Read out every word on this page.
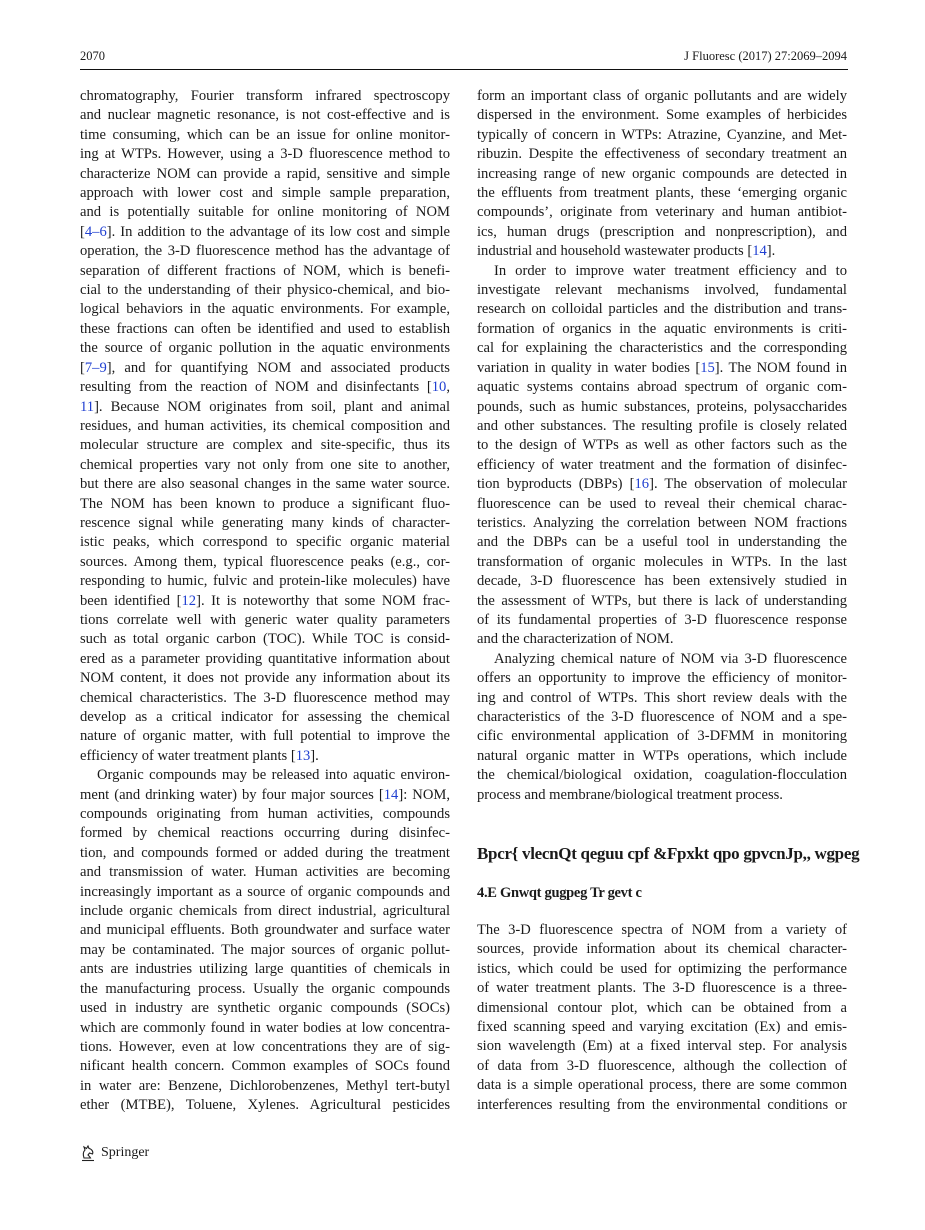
2070	J Fluoresc (2017) 27:2069–2094
chromatography, Fourier transform infrared spectroscopy
and nuclear magnetic resonance, is not cost-effective and is
time consuming, which can be an issue for online monitor-
ing at WTPs. However, using a 3-D fluorescence method to
characterize NOM can provide a rapid, sensitive and simple
approach with lower cost and simple sample preparation,
and is potentially suitable for online monitoring of NOM
[4–6]. In addition to the advantage of its low cost and simple
operation, the 3-D fluorescence method has the advantage of
separation of different fractions of NOM, which is benefi-
cial to the understanding of their physico-chemical, and bio-
logical behaviors in the aquatic environments. For example,
these fractions can often be identified and used to establish
the source of organic pollution in the aquatic environments
[7–9], and for quantifying NOM and associated products
resulting from the reaction of NOM and disinfectants [10,
11]. Because NOM originates from soil, plant and animal
residues, and human activities, its chemical composition and
molecular structure are complex and site-specific, thus its
chemical properties vary not only from one site to another,
but there are also seasonal changes in the same water source.
The NOM has been known to produce a significant fluo-
rescence signal while generating many kinds of character-
istic peaks, which correspond to specific organic material
sources. Among them, typical fluorescence peaks (e.g., cor-
responding to humic, fulvic and protein-like molecules) have
been identified [12]. It is noteworthy that some NOM frac-
tions correlate well with generic water quality parameters
such as total organic carbon (TOC). While TOC is consid-
ered as a parameter providing quantitative information about
NOM content, it does not provide any information about its
chemical characteristics. The 3-D fluorescence method may
develop as a critical indicator for assessing the chemical
nature of organic matter, with full potential to improve the
efficiency of water treatment plants [13].
Organic compounds may be released into aquatic environ-
ment (and drinking water) by four major sources [14]: NOM,
compounds originating from human activities, compounds
formed by chemical reactions occurring during disinfec-
tion, and compounds formed or added during the treatment
and transmission of water. Human activities are becoming
increasingly important as a source of organic compounds and
include organic chemicals from direct industrial, agricultural
and municipal effluents. Both groundwater and surface water
may be contaminated. The major sources of organic pollut-
ants are industries utilizing large quantities of chemicals in
the manufacturing process. Usually the organic compounds
used in industry are synthetic organic compounds (SOCs)
which are commonly found in water bodies at low concentra-
tions. However, even at low concentrations they are of sig-
nificant health concern. Common examples of SOCs found
in water are: Benzene, Dichlorobenzenes, Methyl tert-butyl
ether (MTBE), Toluene, Xylenes. Agricultural pesticides
form an important class of organic pollutants and are widely
dispersed in the environment. Some examples of herbicides
typically of concern in WTPs: Atrazine, Cyanzine, and Met-
ribuzin. Despite the effectiveness of secondary treatment an
increasing range of new organic compounds are detected in
the effluents from treatment plants, these ‘emerging organic
compounds’, originate from veterinary and human antibiot-
ics, human drugs (prescription and nonprescription), and
industrial and household wastewater products [14].
In order to improve water treatment efficiency and to
investigate relevant mechanisms involved, fundamental
research on colloidal particles and the distribution and trans-
formation of organics in the aquatic environments is criti-
cal for explaining the characteristics and the corresponding
variation in quality in water bodies [15]. The NOM found in
aquatic systems contains abroad spectrum of organic com-
pounds, such as humic substances, proteins, polysaccharides
and other substances. The resulting profile is closely related
to the design of WTPs as well as other factors such as the
efficiency of water treatment and the formation of disinfec-
tion byproducts (DBPs) [16]. The observation of molecular
fluorescence can be used to reveal their chemical charac-
teristics. Analyzing the correlation between NOM fractions
and the DBPs can be a useful tool in understanding the
transformation of organic molecules in WTPs. In the last
decade, 3-D fluorescence has been extensively studied in
the assessment of WTPs, but there is lack of understanding
of its fundamental properties of 3-D fluorescence response
and the characterization of NOM.
Analyzing chemical nature of NOM via 3-D fluorescence
offers an opportunity to improve the efficiency of monitor-
ing and control of WTPs. This short review deals with the
characteristics of the 3-D fluorescence of NOM and a spe-
cific environmental application of 3-DFMM in monitoring
natural organic matter in WTPs operations, which include
the chemical/biological oxidation, coagulation-flocculation
process and membrane/biological treatment process.
Bpcr{ vlecnQt qeguu cpf &Fpxkt qpo gpvcnJp,, wgpeg
4.E Gnwqt gugpeg Tr gevt c
The 3-D fluorescence spectra of NOM from a variety of
sources, provide information about its chemical character-
istics, which could be used for optimizing the performance
of water treatment plants. The 3-D fluorescence is a three-
dimensional contour plot, which can be obtained from a
fixed scanning speed and varying excitation (Ex) and emis-
sion wavelength (Em) at a fixed interval step. For analysis
of data from 3-D fluorescence, although the collection of
data is a simple operational process, there are some common
interferences resulting from the environmental conditions or
Springer
